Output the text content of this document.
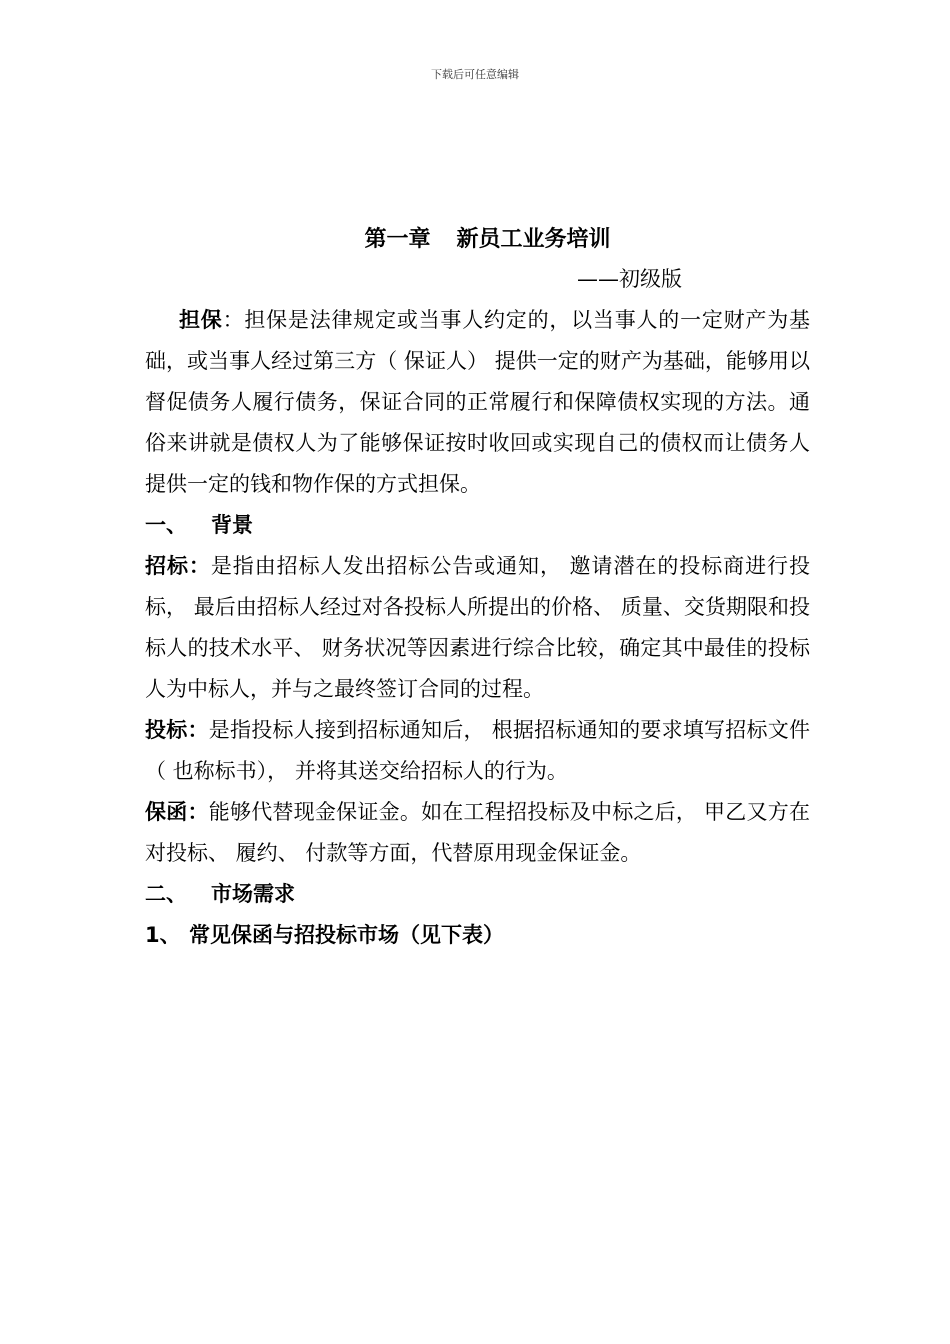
下载后可任意编辑
第一章 新员工业务培训
——初级版

担保：担保是法律规定或当事人约定的，以当事人的一定财产为基础，或当事人经过第三方（ 保证人） 提供一定的财产为基础，能够用以督促债务人履行债务，保证合同的正常履行和保障债权实现的方法。通俗来讲就是债权人为了能够保证按时收回或实现自己的债权而让债务人提供一定的钱和物作保的方式担保。

一、 背景

招标：是指由招标人发出招标公告或通知， 邀请潜在的投标商进行投标， 最后由招标人经过对各投标人所提出的价格、 质量、交货期限和投标人的技术水平、 财务状况等因素进行综合比较，确定其中最佳的投标人为中标人，并与之最终签订合同的过程。

投标：是指投标人接到招标通知后， 根据招标通知的要求填写招标文件（ 也称标书）， 并将其送交给招标人的行为。

保函：能够代替现金保证金。如在工程招投标及中标之后， 甲乙又方在对投标、 履约、 付款等方面，代替原用现金保证金。

二、 市场需求
1、 常见保函与招投标市场（见下表）
